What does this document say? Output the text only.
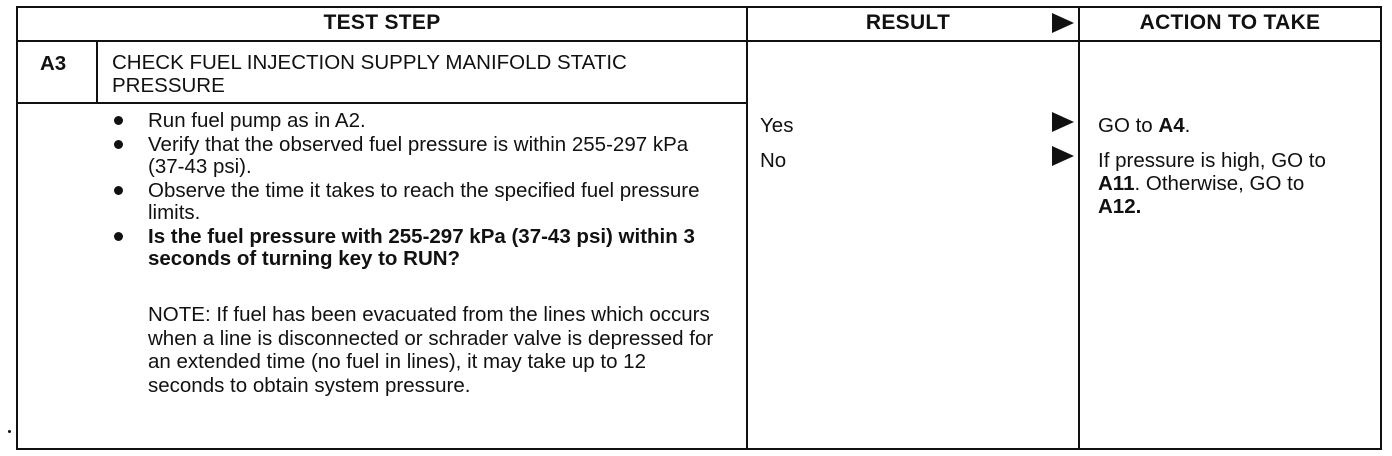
TEST STEP	RESULT	ACTION TO TAKE
A3 CHECK FUEL INJECTION SUPPLY MANIFOLD STATIC
PRESSURE
Run fuel pump as in A2.
Verify that the observed fuel pressure is within 255-297 kPa (37-43 psi).
Observe the time it takes to reach the specified fuel pressure limits.
Is the fuel pressure with 255-297 kPa (37-43 psi) within 3 seconds of turning key to RUN?
NOTE: If fuel has been evacuated from the lines which occurs when a line is disconnected or schrader valve is depressed for an extended time (no fuel in lines), it may take up to 12 seconds to obtain system pressure.
Yes
No
GO to A4.
If pressure is high, GO to
A11. Otherwise, GO to
A12.
